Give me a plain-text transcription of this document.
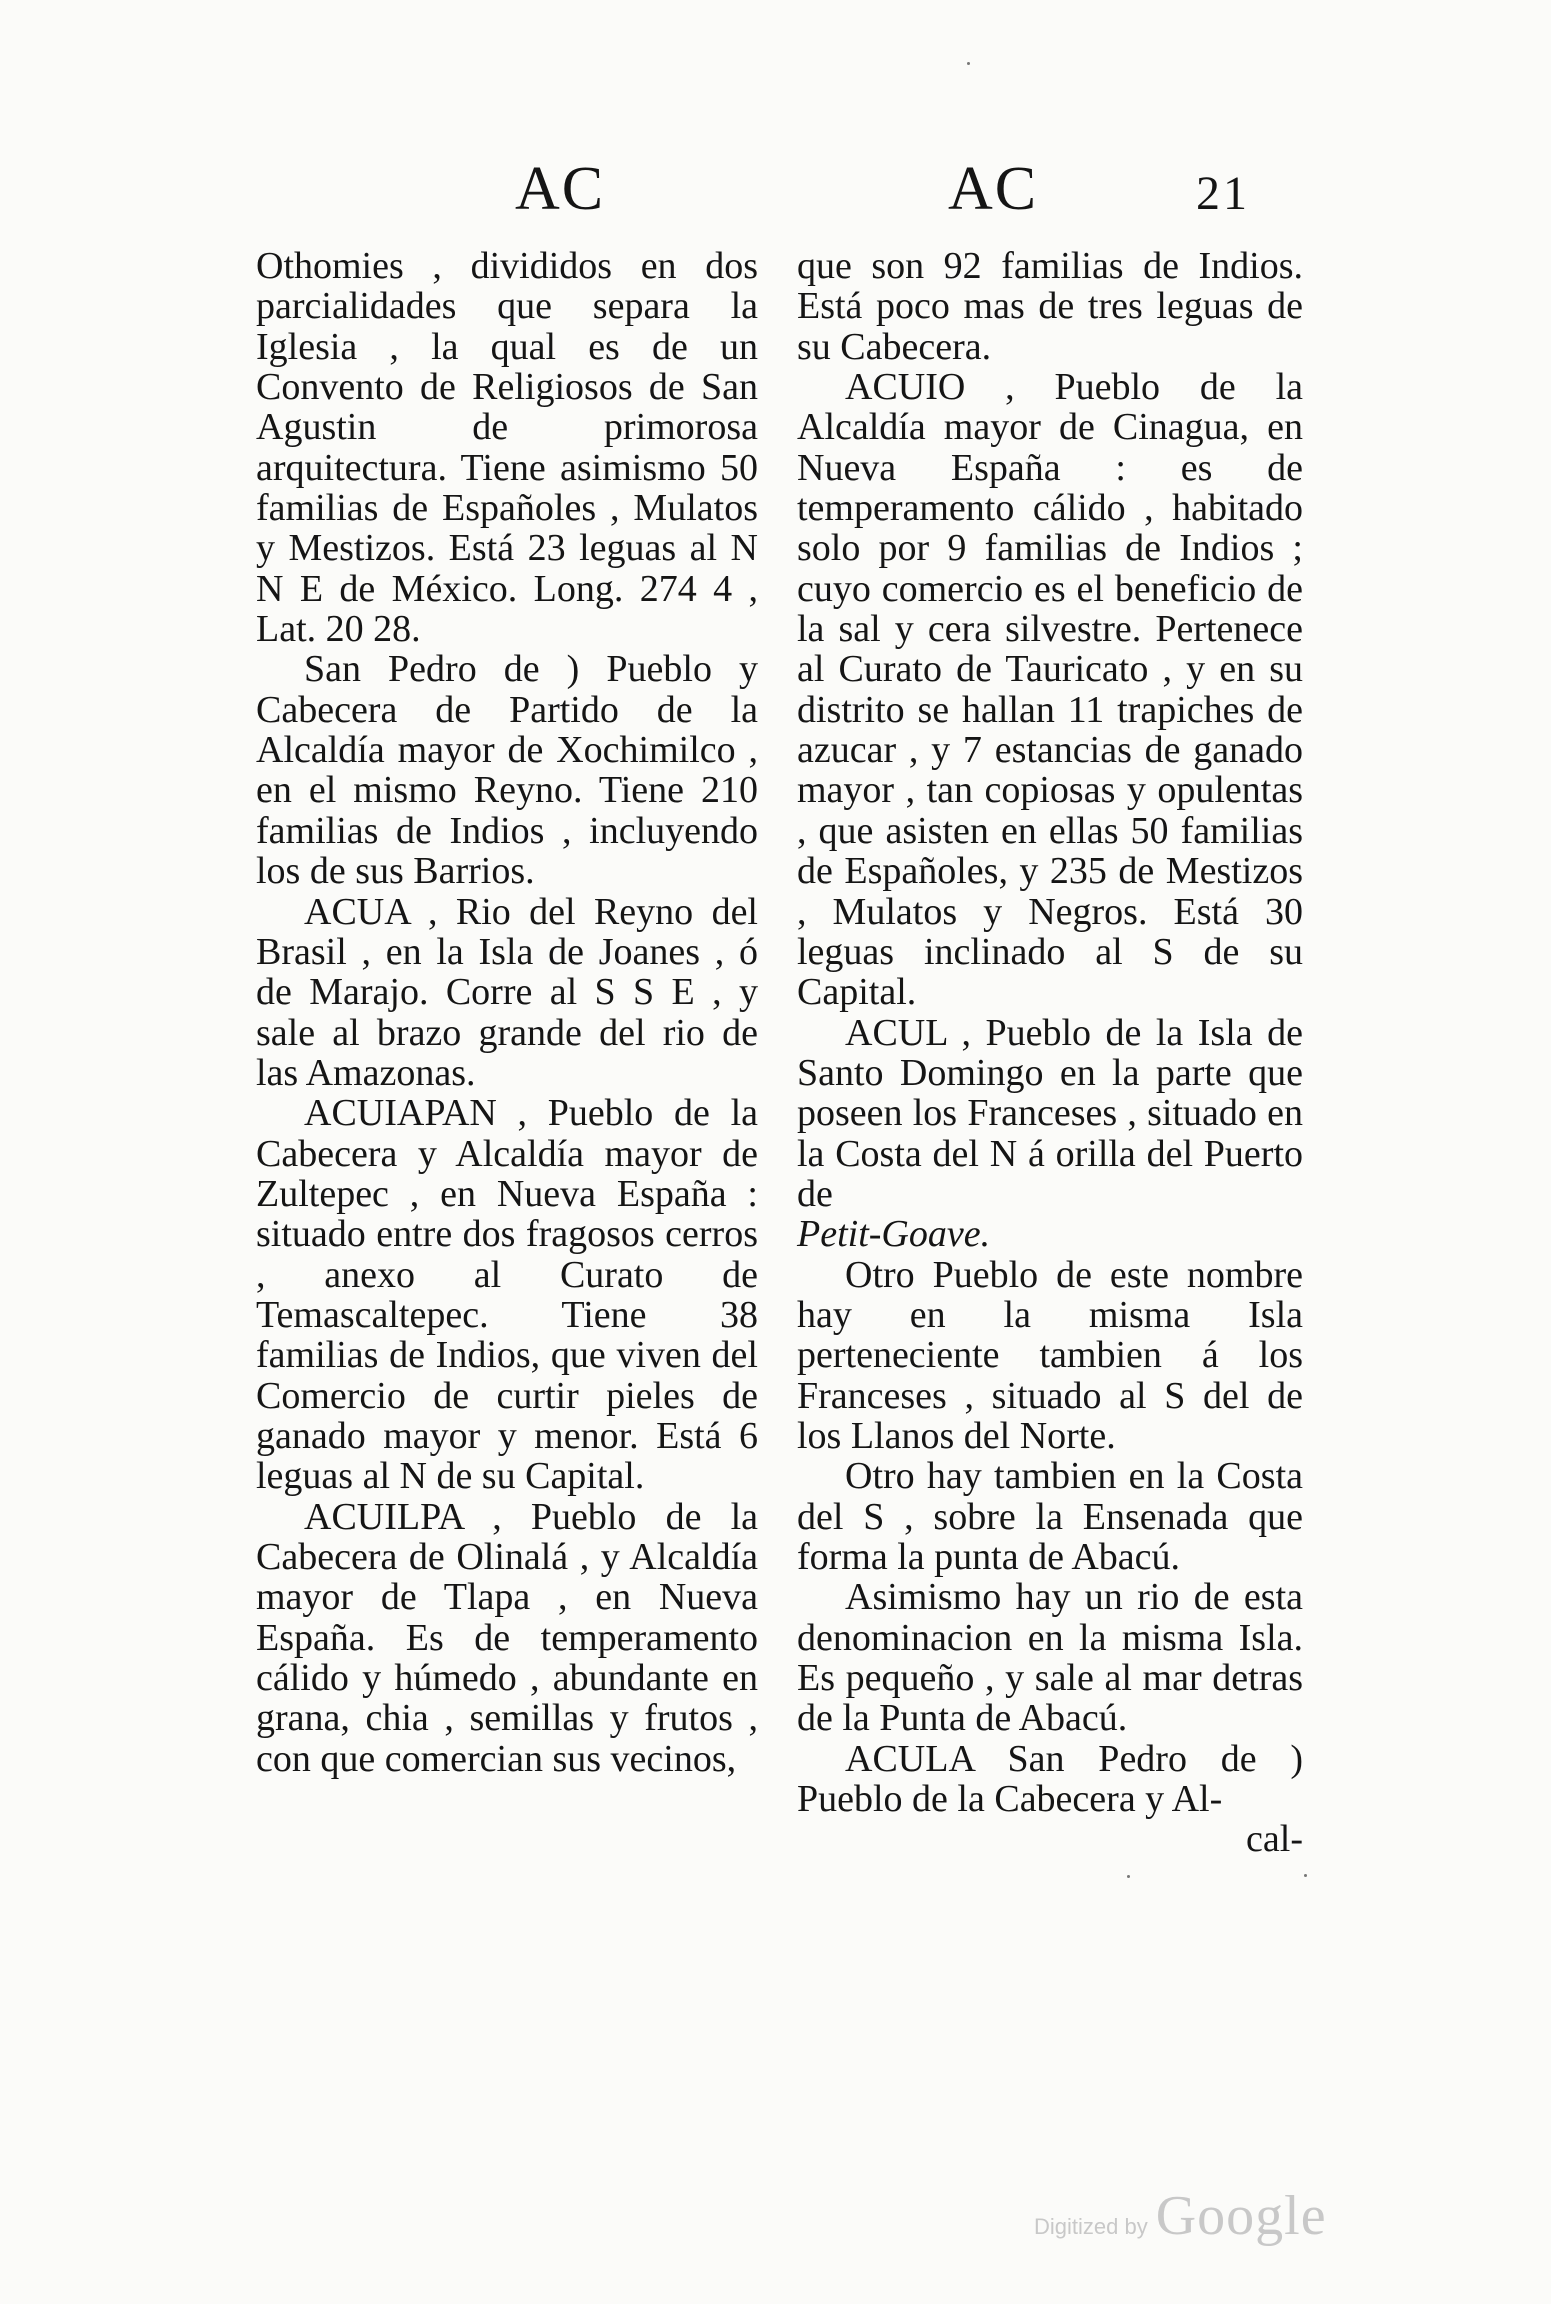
AC	AC	21

Othomies , divididos en dos parcialidades que separa la Iglesia , la qual es de un Convento de Religiosos de San Agustin de primorosa arquitectura. Tiene asimismo 50 familias de Españoles , Mulatos y Mestizos. Está 23 leguas al N N E de México. Long. 274 4 , Lat. 20 28.

San Pedro de ) Pueblo y Cabecera de Partido de la Alcaldía mayor de Xochimilco , en el mismo Reyno. Tiene 210 familias de Indios , incluyendo los de sus Barrios.

ACUA , Rio del Reyno del Brasil , en la Isla de Joanes , ó de Marajo. Corre al S S E , y sale al brazo grande del rio de las Amazonas.

ACUIAPAN , Pueblo de la Cabecera y Alcaldía mayor de Zultepec , en Nueva España : situado entre dos fragosos cerros , anexo al Curato de Temascaltepec. Tiene 38 familias de Indios, que viven del Comercio de curtir pieles de ganado mayor y menor. Está 6 leguas al N de su Capital.

ACUILPA , Pueblo de la Cabecera de Olinalá , y Alcaldía mayor de Tlapa , en Nueva España. Es de temperamento cálido y húmedo , abundante en grana, chia , semillas y frutos , con que comercian sus vecinos,

que son 92 familias de Indios. Está poco mas de tres leguas de su Cabecera.

ACUIO , Pueblo de la Alcaldía mayor de Cinagua, en Nueva España : es de temperamento cálido , habitado solo por 9 familias de Indios ; cuyo comercio es el beneficio de la sal y cera silvestre. Pertenece al Curato de Tauricato , y en su distrito se hallan 11 trapiches de azucar , y 7 estancias de ganado mayor , tan copiosas y opulentas , que asisten en ellas 50 familias de Españoles, y 235 de Mestizos , Mulatos y Negros. Está 30 leguas inclinado al S de su Capital.

ACUL , Pueblo de la Isla de Santo Domingo en la parte que poseen los Franceses , situado en la Costa del N á orilla del Puerto de

Petit-Goave.

Otro Pueblo de este nombre hay en la misma Isla perteneciente tambien á los Franceses , situado al S del de los Llanos del Norte.

Otro hay tambien en la Costa del S , sobre la Ensenada que forma la punta de Abacú.

Asimismo hay un rio de esta denominacion en la misma Isla. Es pequeño , y sale al mar detras de la Punta de Abacú.

ACULA San Pedro de ) Pueblo de la Cabecera y Al-

cal-

Digitized by Google
